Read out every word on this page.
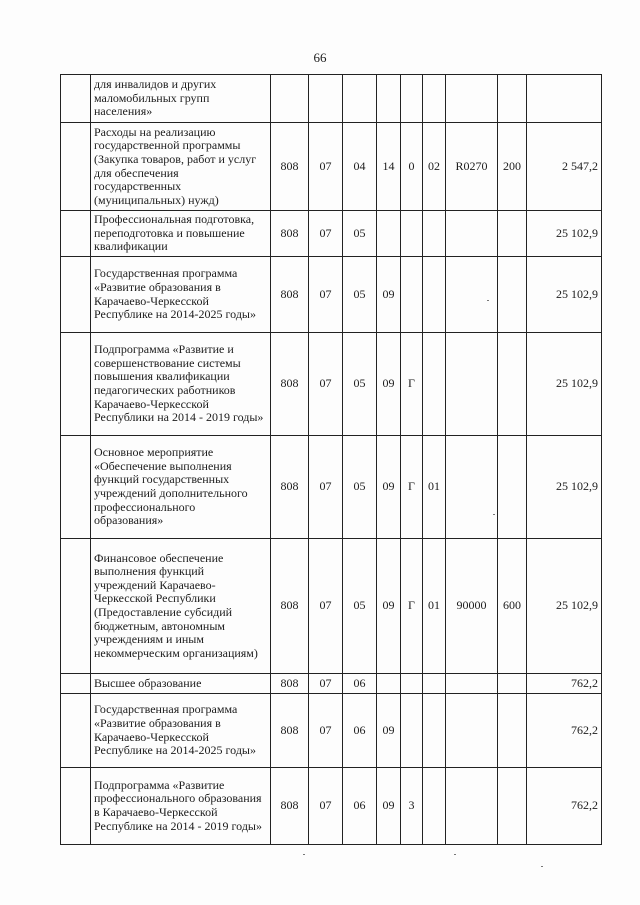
66
	для инвалидов и других маломобильных групп населения»									
	Расходы на реализацию государственной программы (Закупка товаров, работ и услуг для обеспечения государственных (муниципальных) нужд)	808	07	04	14	0	02	R0270	200	2 547,2
	Профессиональная подготовка, переподготовка и повышение квалификации	808	07	05						25 102,9
	Государственная программа «Развитие образования в Карачаево-Черкесской Республике на 2014-2025 годы»	808	07	05	09					25 102,9
	Подпрограмма «Развитие и совершенствование системы повышения квалификации педагогических работников Карачаево-Черкесской Республики на 2014 - 2019 годы»	808	07	05	09	Г				25 102,9
	Основное мероприятие «Обеспечение выполнения функций государственных учреждений дополнительного профессионального образования»	808	07	05	09	Г	01			25 102,9
	Финансовое обеспечение выполнения функций учреждений Карачаево-Черкесской Республики (Предоставление субсидий бюджетным, автономным учреждениям и иным некоммерческим организациям)	808	07	05	09	Г	01	90000	600	25 102,9
	Высшее образование	808	07	06						762,2
	Государственная программа «Развитие образования в Карачаево-Черкесской Республике на 2014-2025 годы»	808	07	06	09					762,2
	Подпрограмма «Развитие профессионального образования в Карачаево-Черкесской Республике на 2014 - 2019 годы»	808	07	06	09	3				762,2
